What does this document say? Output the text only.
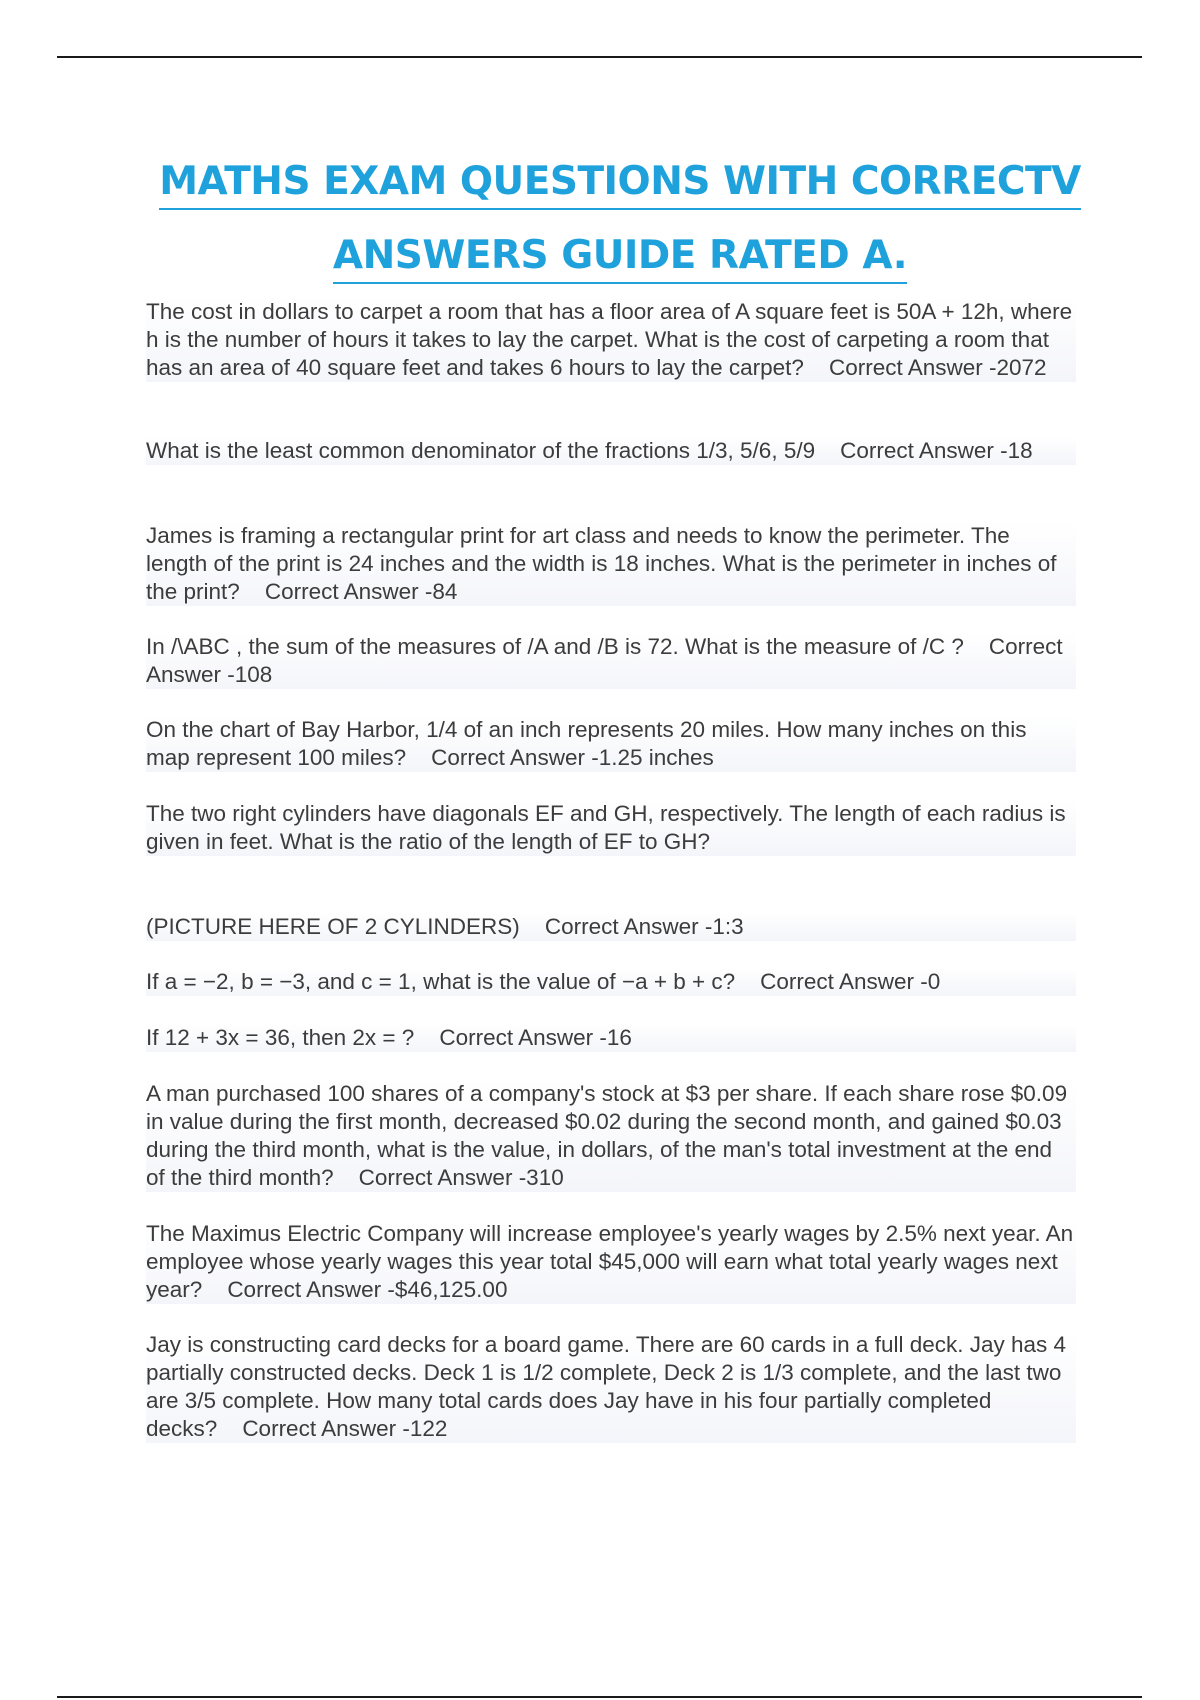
MATHS EXAM QUESTIONS WITH CORRECTV
ANSWERS GUIDE RATED A.

The cost in dollars to carpet a room that has a floor area of A square feet is 50A + 12h, where h is the number of hours it takes to lay the carpet. What is the cost of carpeting a room that has an area of 40 square feet and takes 6 hours to lay the carpet? Correct Answer -2072

What is the least common denominator of the fractions 1/3, 5/6, 5/9 Correct Answer -18

James is framing a rectangular print for art class and needs to know the perimeter. The length of the print is 24 inches and the width is 18 inches. What is the perimeter in inches of the print? Correct Answer -84

In /\ABC , the sum of the measures of /A and /B is 72. What is the measure of /C ? Correct Answer -108

On the chart of Bay Harbor, 1/4 of an inch represents 20 miles. How many inches on this map represent 100 miles? Correct Answer -1.25 inches

The two right cylinders have diagonals EF and GH, respectively. The length of each radius is given in feet. What is the ratio of the length of EF to GH?

(PICTURE HERE OF 2 CYLINDERS) Correct Answer -1:3

If a = −2, b = −3, and c = 1, what is the value of −a + b + c? Correct Answer -0

If 12 + 3x = 36, then 2x = ? Correct Answer -16

A man purchased 100 shares of a company's stock at $3 per share. If each share rose $0.09 in value during the first month, decreased $0.02 during the second month, and gained $0.03 during the third month, what is the value, in dollars, of the man's total investment at the end of the third month? Correct Answer -310

The Maximus Electric Company will increase employee's yearly wages by 2.5% next year. An employee whose yearly wages this year total $45,000 will earn what total yearly wages next year? Correct Answer -$46,125.00

Jay is constructing card decks for a board game. There are 60 cards in a full deck. Jay has 4 partially constructed decks. Deck 1 is 1/2 complete, Deck 2 is 1/3 complete, and the last two are 3/5 complete. How many total cards does Jay have in his four partially completed decks? Correct Answer -122
